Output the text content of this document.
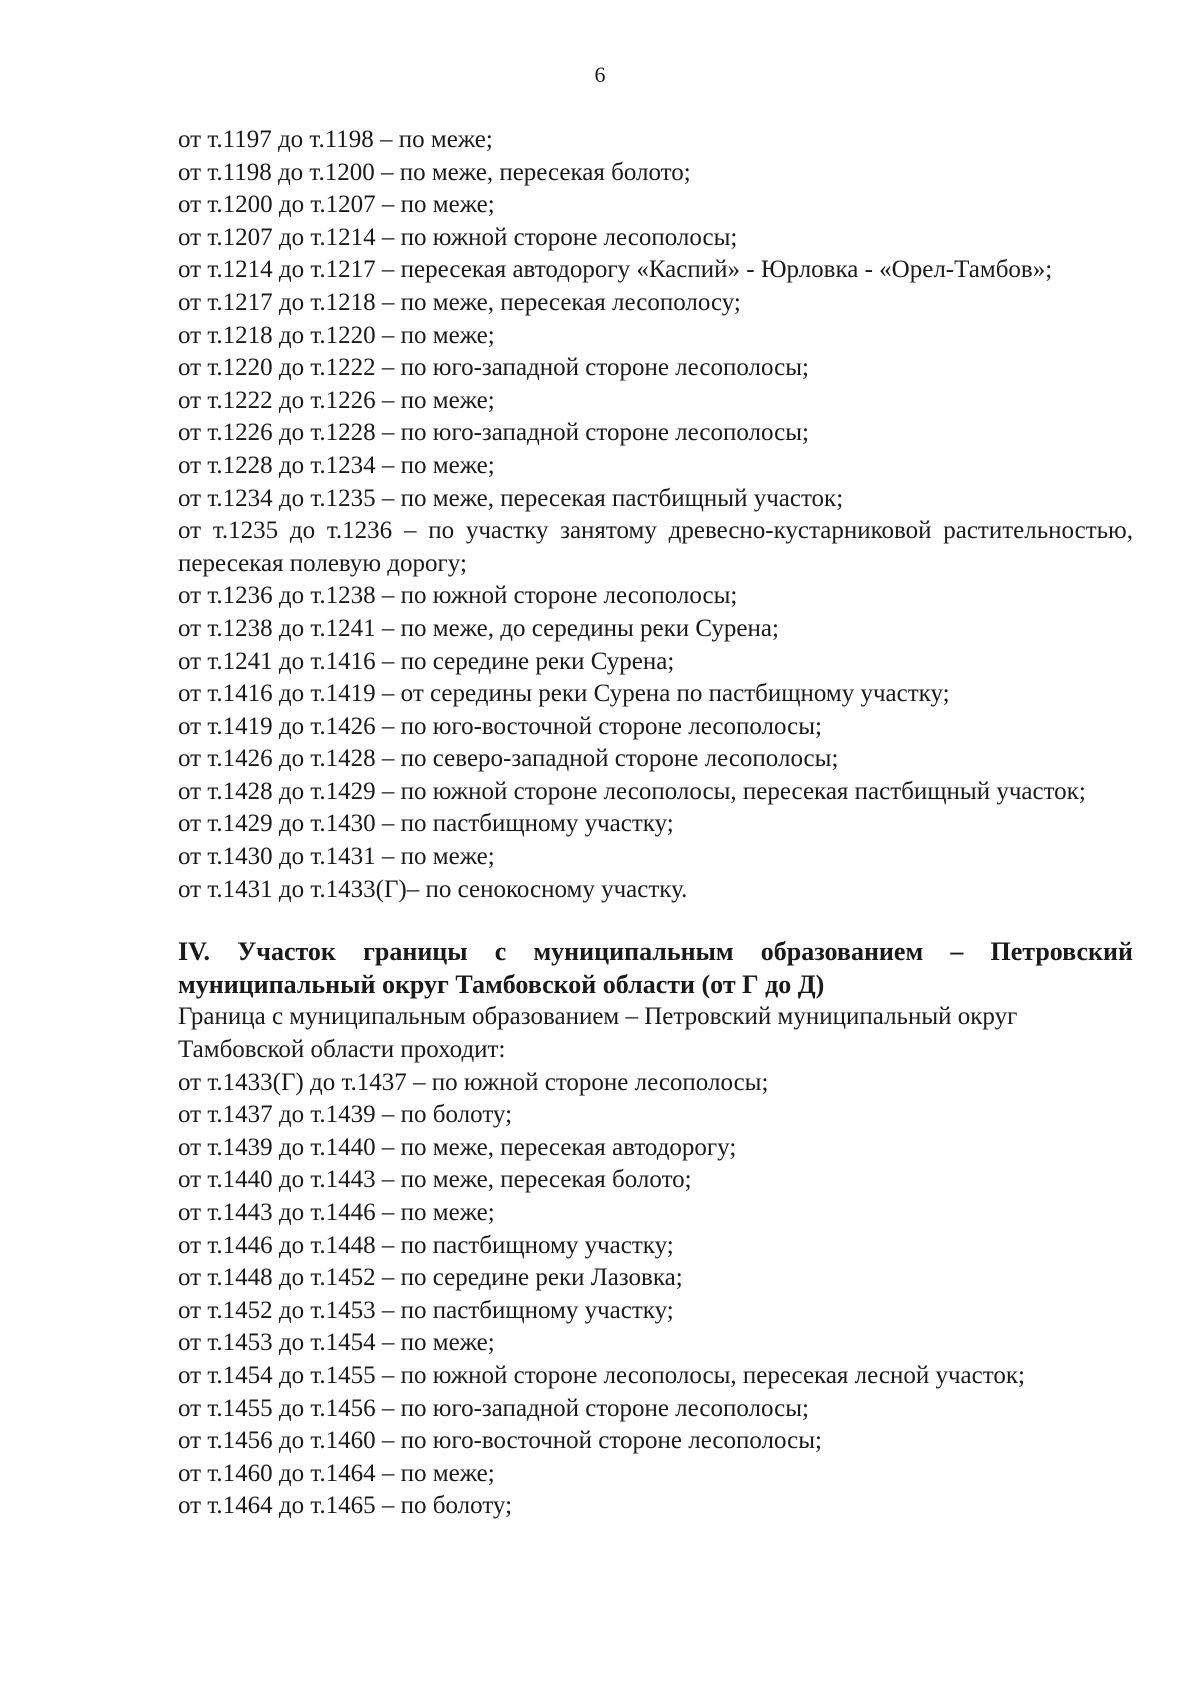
6
от т.1197 до т.1198 – по меже;
от т.1198 до т.1200 – по меже, пересекая болото;
от т.1200 до т.1207 – по меже;
от т.1207 до т.1214 – по южной стороне лесополосы;
от т.1214 до т.1217 – пересекая автодорогу «Каспий» - Юрловка - «Орел-Тамбов»;
от т.1217 до т.1218 – по меже, пересекая лесополосу;
от т.1218 до т.1220 – по меже;
от т.1220 до т.1222 – по юго-западной стороне лесополосы;
от т.1222 до т.1226 – по меже;
от т.1226 до т.1228 – по юго-западной стороне лесополосы;
от т.1228 до т.1234 – по меже;
от т.1234 до т.1235 – по меже, пересекая пастбищный участок;
от т.1235 до т.1236 – по участку занятому древесно-кустарниковой растительностью, пересекая полевую дорогу;
от т.1236 до т.1238 – по южной стороне лесополосы;
от т.1238 до т.1241 – по меже, до середины реки Сурена;
от т.1241 до т.1416 – по середине реки Сурена;
от т.1416 до т.1419 – от середины реки Сурена по пастбищному участку;
от т.1419 до т.1426 – по юго-восточной стороне лесополосы;
от т.1426 до т.1428 – по северо-западной стороне лесополосы;
от т.1428 до т.1429 – по южной стороне лесополосы, пересекая пастбищный участок;
от т.1429 до т.1430 – по пастбищному участку;
от т.1430 до т.1431 – по меже;
от т.1431 до т.1433(Г)– по сенокосному участку.
IV. Участок границы с муниципальным образованием – Петровский муниципальный округ Тамбовской области (от Г до Д)
Граница с муниципальным образованием – Петровский муниципальный округ Тамбовской области проходит:
от т.1433(Г) до т.1437 – по южной стороне лесополосы;
от т.1437 до т.1439 – по болоту;
от т.1439 до т.1440 – по меже, пересекая автодорогу;
от т.1440 до т.1443 – по меже, пересекая болото;
от т.1443 до т.1446 – по меже;
от т.1446 до т.1448 – по пастбищному участку;
от т.1448 до т.1452 – по середине реки Лазовка;
от т.1452 до т.1453 – по пастбищному участку;
от т.1453 до т.1454 – по меже;
от т.1454 до т.1455 – по южной стороне лесополосы, пересекая лесной участок;
от т.1455 до т.1456 – по юго-западной стороне лесополосы;
от т.1456 до т.1460 – по юго-восточной стороне лесополосы;
от т.1460 до т.1464 – по меже;
от т.1464 до т.1465 – по болоту;
